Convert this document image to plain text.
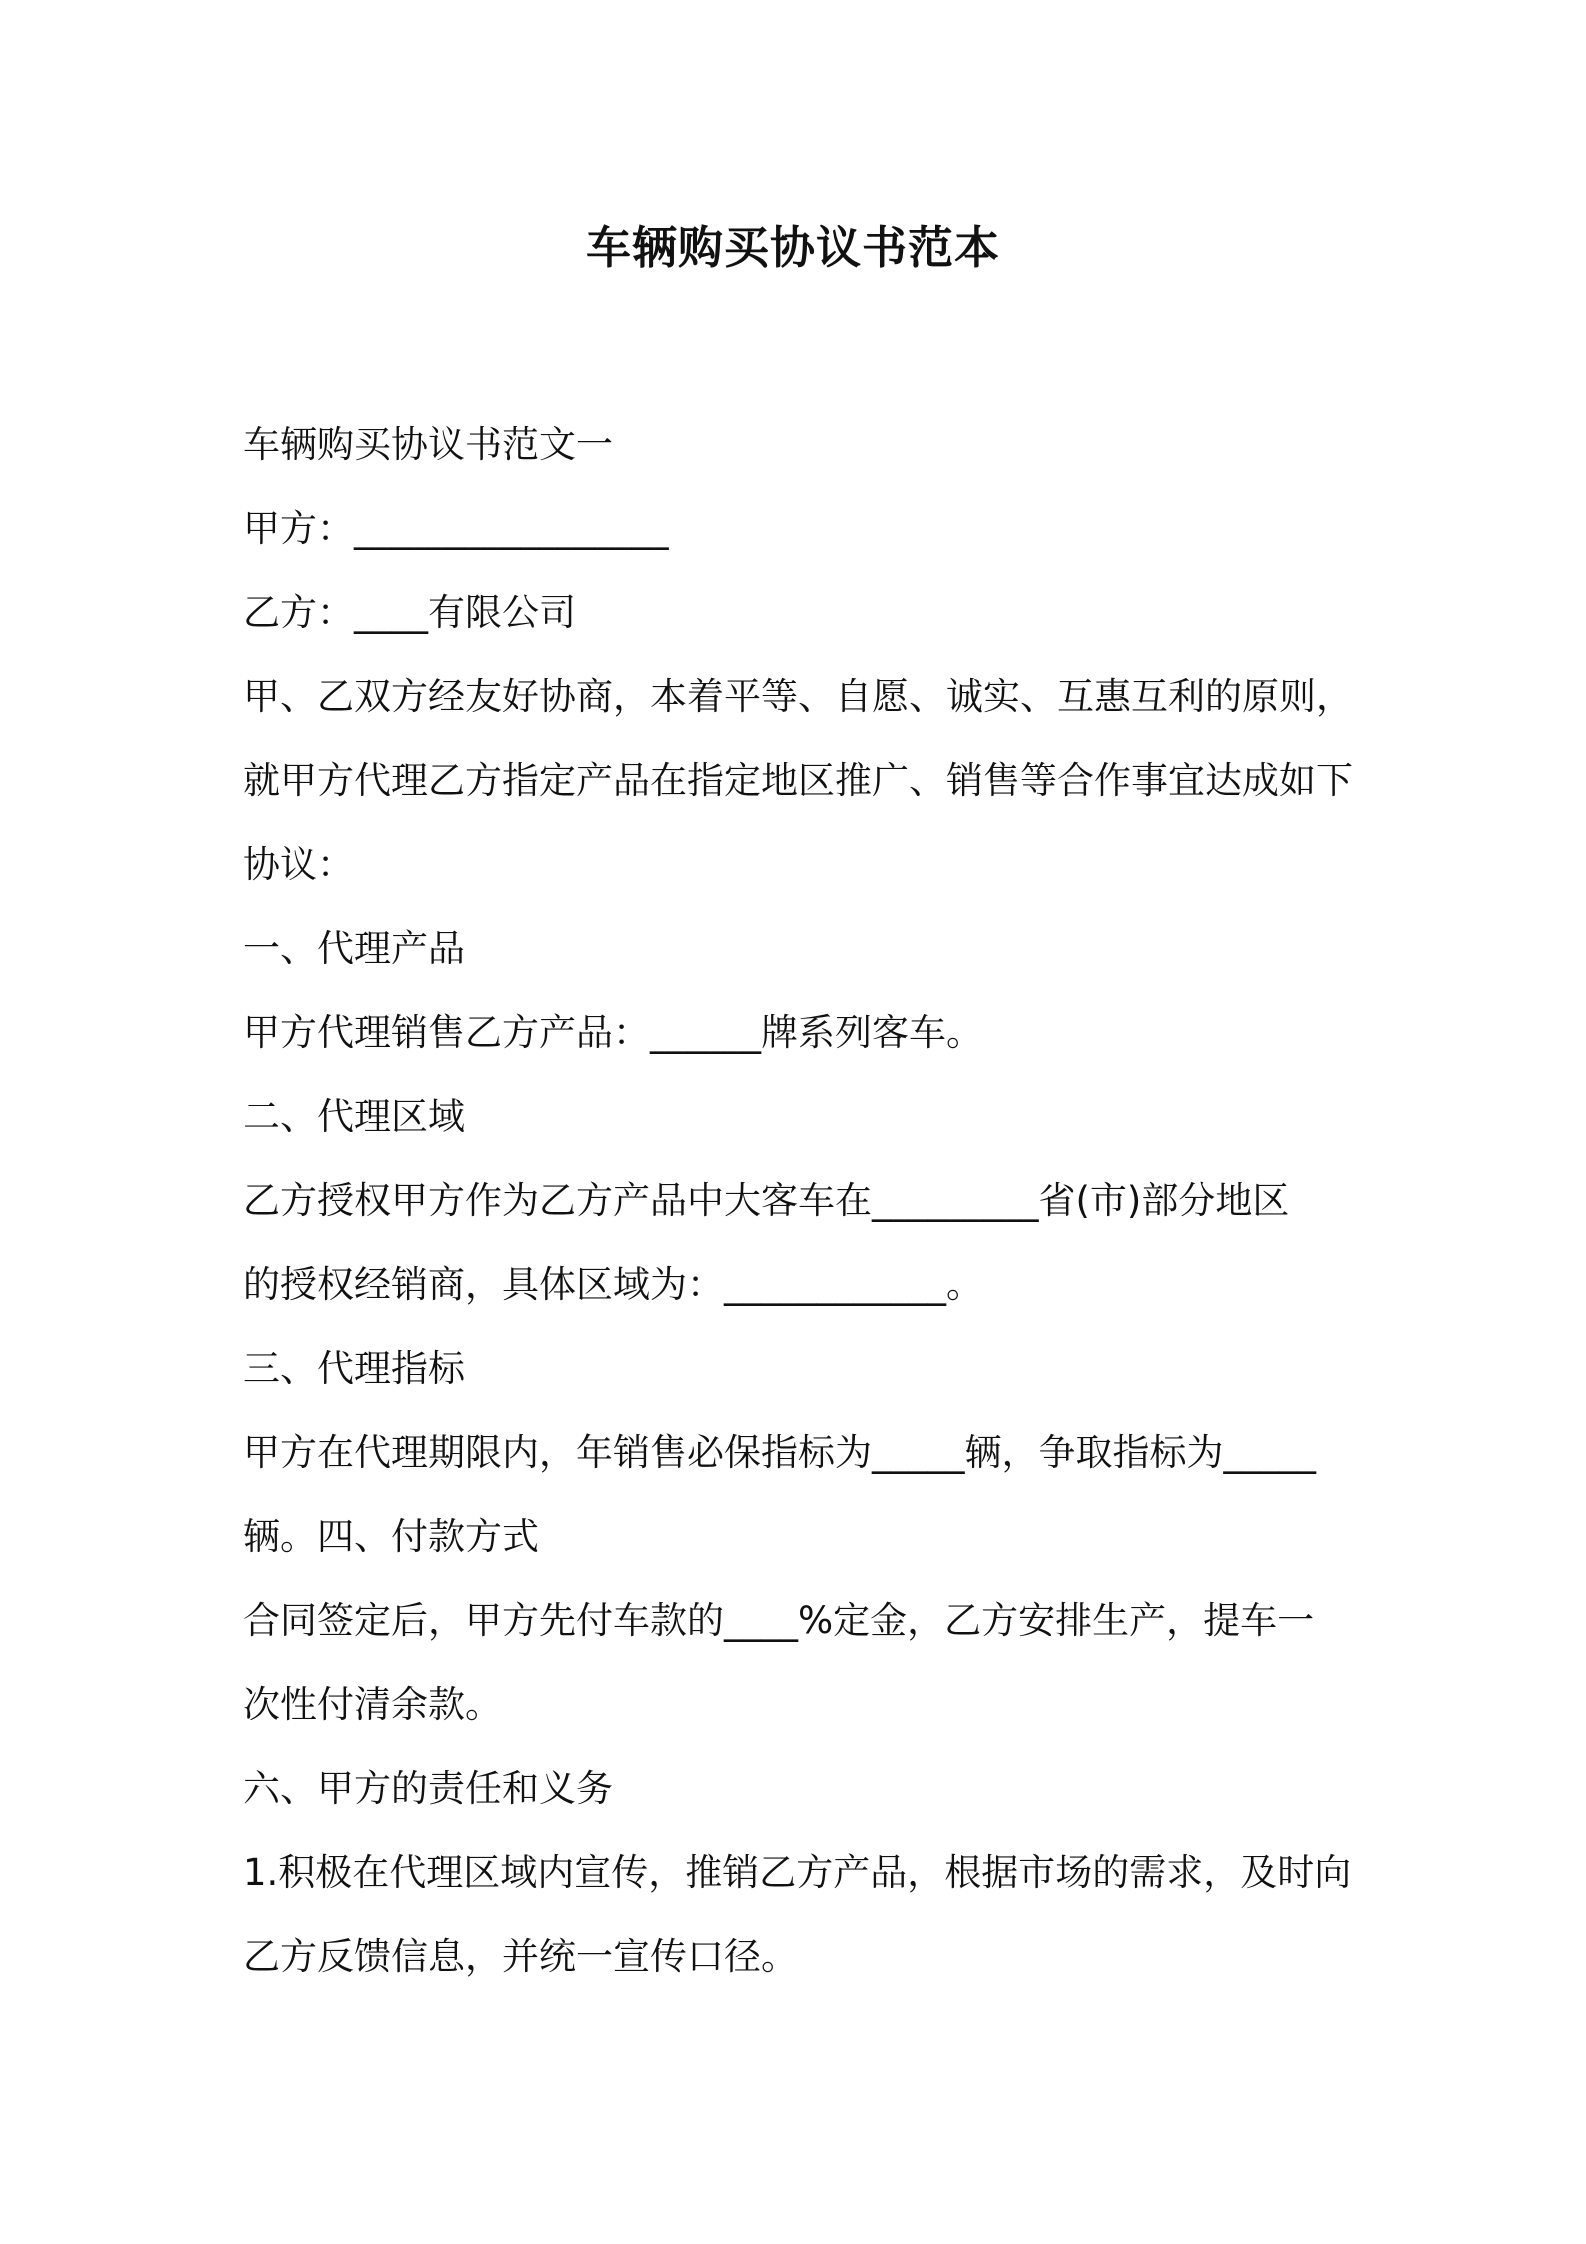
车辆购买协议书范本
车辆购买协议书范文一
甲方：_________________
乙方：____有限公司
甲、乙双方经友好协商，本着平等、自愿、诚实、互惠互利的原则，
就甲方代理乙方指定产品在指定地区推广、销售等合作事宜达成如下
协议：
一、代理产品
甲方代理销售乙方产品：______牌系列客车。
二、代理区域
乙方授权甲方作为乙方产品中大客车在_________省(市)部分地区
的授权经销商，具体区域为：____________。
三、代理指标
甲方在代理期限内，年销售必保指标为_____辆，争取指标为_____
辆。四、付款方式
合同签定后，甲方先付车款的____%定金，乙方安排生产，提车一
次性付清余款。
六、甲方的责任和义务
1.积极在代理区域内宣传，推销乙方产品，根据市场的需求，及时向
乙方反馈信息，并统一宣传口径。
